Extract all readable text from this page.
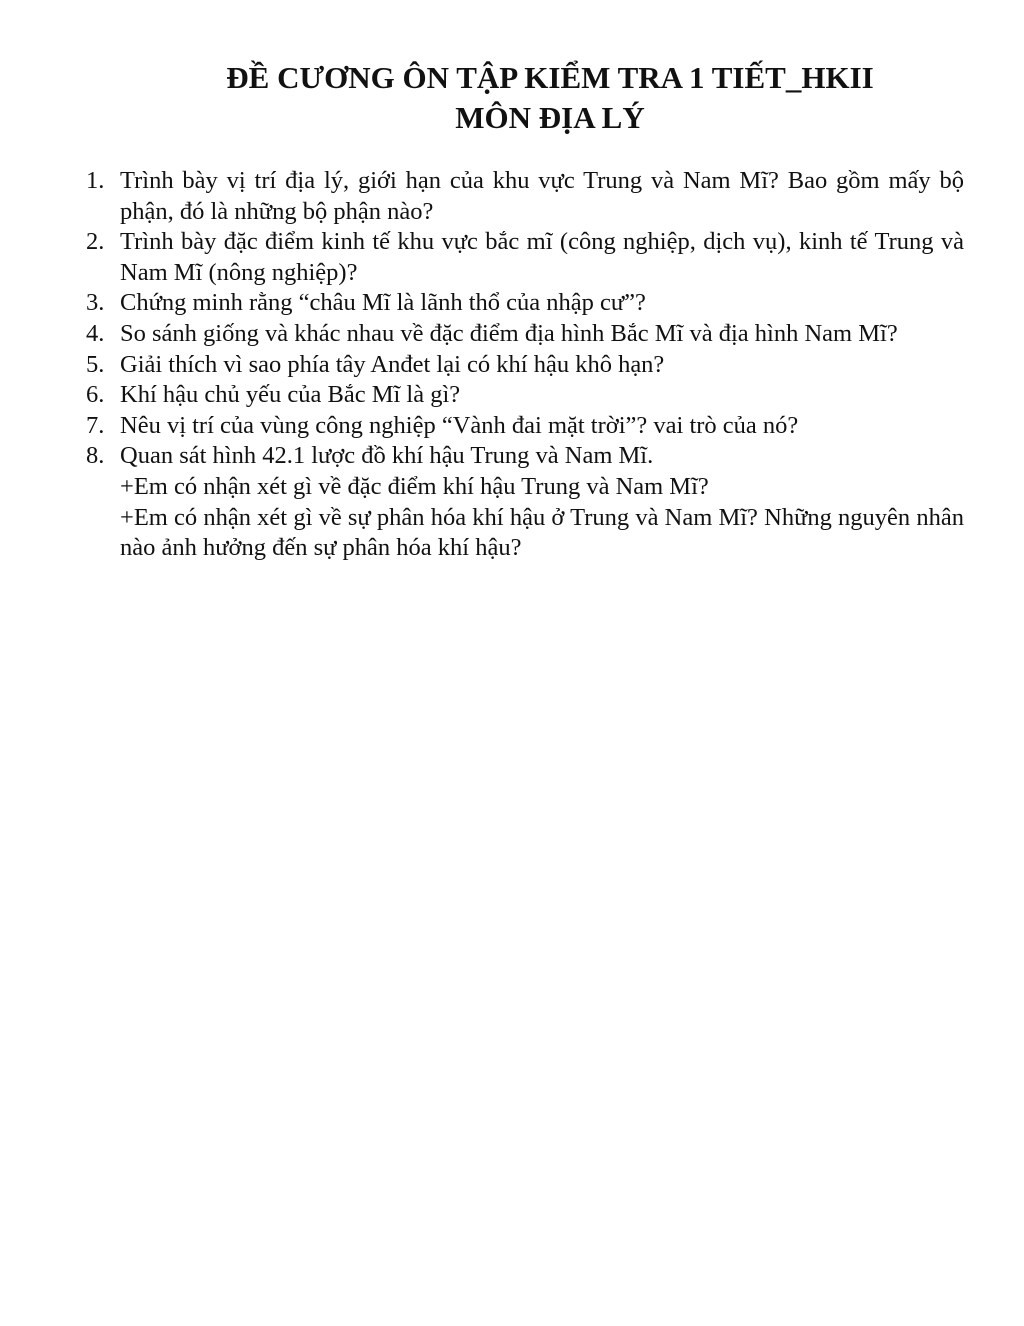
ĐỀ CƯƠNG ÔN TẬP KIỂM TRA 1 TIẾT_HKII
MÔN ĐỊA LÝ
1. Trình bày vị trí địa lý, giới hạn của khu vực Trung và Nam Mĩ? Bao gồm mấy bộ phận, đó là những bộ phận nào?
2. Trình bày đặc điểm kinh tế khu vực bắc mĩ (công nghiệp, dịch vụ), kinh tế Trung và Nam Mĩ (nông nghiệp)?
3. Chứng minh rằng “châu Mĩ là lãnh thổ của nhập cư”?
4. So sánh giống và khác nhau về đặc điểm địa hình Bắc Mĩ và địa hình Nam Mĩ?
5. Giải thích vì sao phía tây Anđet lại có khí hậu khô hạn?
6. Khí hậu chủ yếu của Bắc Mĩ là gì?
7. Nêu vị trí của vùng công nghiệp “Vành đai mặt trời”? vai trò của nó?
8. Quan sát hình 42.1 lược đồ khí hậu Trung và Nam Mĩ.
+Em có nhận xét gì về đặc điểm khí hậu Trung và Nam Mĩ?
+Em có nhận xét gì về sự phân hóa khí hậu ở Trung và Nam Mĩ? Những nguyên nhân nào ảnh hưởng đến sự phân hóa khí hậu?
